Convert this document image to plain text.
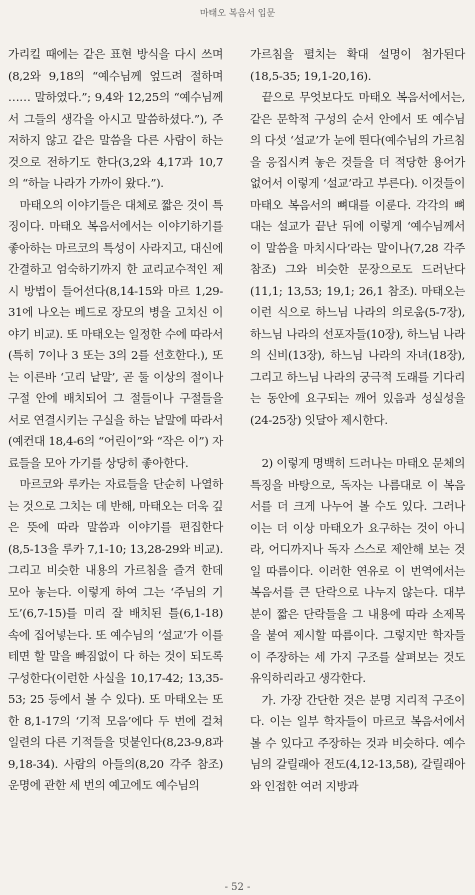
마태오 복음서 입문

가리킬 때에는 같은 표현 방식을 다시 쓰며(8,2와 9,18의 “예수님께 엎드려 절하며 …… 말하였다.”; 9,4와 12,25의 “예수님께서 그들의 생각을 아시고 말씀하셨다.”), 주저하지 않고 같은 말씀을 다른 사람이 하는 것으로 전하기도 한다(3,2와 4,17과 10,7의 “하늘 나라가 가까이 왔다.”).

마태오의 이야기들은 대체로 짧은 것이 특징이다. 마태오 복음서에서는 이야기하기를 좋아하는 마르코의 특성이 사라지고, 대신에 간결하고 엄숙하기까지 한 교리교수적인 제시 방법이 들어선다(8,14-15와 마르 1,29-31에 나오는 베드로 장모의 병을 고치신 이야기 비교). 또 마태오는 일정한 수에 따라서(특히 7이나 3 또는 3의 2를 선호한다.), 또는 이른바 ‘고리 낱말’, 곧 둘 이상의 절이나 구절 안에 배치되어 그 절들이나 구절들을 서로 연결시키는 구실을 하는 낱말에 따라서(예컨대 18,4-6의 “어린이”와 “작은 이”) 자료들을 모아 가기를 상당히 좋아한다.

마르코와 루카는 자료들을 단순히 나열하는 것으로 그치는 데 반해, 마태오는 더욱 깊은 뜻에 따라 말씀과 이야기를 편집한다(8,5-13을 루카 7,1-10; 13,28-29와 비교). 그리고 비슷한 내용의 가르침을 즐겨 한데 모아 놓는다. 이렇게 하여 그는 ‘주님의 기도’(6,7-15)를 미리 잘 배치된 틀(6,1-18) 속에 집어넣는다. 또 예수님의 ‘설교’가 이를테면 할 말을 빠짐없이 다 하는 것이 되도록 구성한다(이런한 사실을 10,17-42; 13,35-53; 25 등에서 볼 수 있다). 또 마태오는 또한 8,1-17의 ‘기적 모음’에다 두 번에 걸쳐 일련의 다른 기적들을 덧붙인다(8,23-9,8과 9,18-34). 사람의 아들의(8,20 각주 참조) 운명에 관한 세 번의 예고에도 예수님의

가르침을 펼치는 확대 설명이 첨가된다(18,5-35; 19,1-20,16).

끝으로 무엇보다도 마태오 복음서에서는, 같은 문학적 구성의 순서 안에서 또 예수님의 다섯 ‘설교’가 눈에 띈다(예수님의 가르침을 응집시켜 놓은 것들을 더 적당한 용어가 없어서 이렇게 ‘설교’라고 부른다). 이것들이 마태오 복음서의 뼈대를 이룬다. 각각의 뼈대는 설교가 끝난 뒤에 이렇게 ‘예수님께서 이 말씀을 마치시다’라는 말이나(7,28 각주 참조) 그와 비슷한 문장으로도 드러난다(11,1; 13,53; 19,1; 26,1 참조). 마태오는 이런 식으로 하느님 나라의 의로움(5-7장), 하느님 나라의 선포자들(10장), 하느님 나라의 신비(13장), 하느님 나라의 자녀(18장), 그리고 하느님 나라의 궁극적 도래를 기다리는 동안에 요구되는 깨어 있음과 성실성을(24-25장) 잇달아 제시한다.

2) 이렇게 명백히 드러나는 마태오 문체의 특징을 바탕으로, 독자는 나름대로 이 복음서를 더 크게 나누어 볼 수도 있다. 그러나 이는 더 이상 마태오가 요구하는 것이 아니라, 어디까지나 독자 스스로 제안해 보는 것일 따름이다. 이러한 연유로 이 번역에서는 복음서를 큰 단락으로 나누지 않는다. 대부분이 짧은 단락들을 그 내용에 따라 소제목을 붙여 제시할 따름이다. 그렇지만 학자들이 주장하는 세 가지 구조를 살펴보는 것도 유익하리라고 생각한다.

가. 가장 간단한 것은 분명 지리적 구조이다. 이는 일부 학자들이 마르코 복음서에서 볼 수 있다고 주장하는 것과 비슷하다. 예수님의 갈릴래아 전도(4,12-13,58), 갈릴래아와 인접한 여러 지방과

- 52 -
